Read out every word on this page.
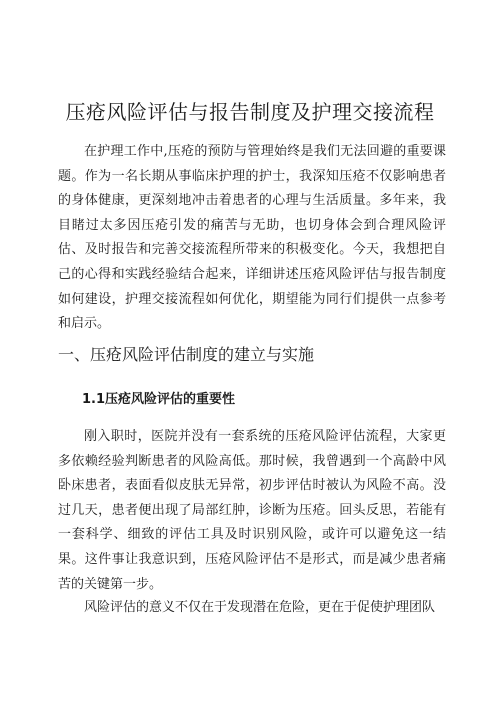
压疮风险评估与报告制度及护理交接流程

在护理工作中,压疮的预防与管理始终是我们无法回避的重要课题。作为一名长期从事临床护理的护士，我深知压疮不仅影响患者的身体健康，更深刻地冲击着患者的心理与生活质量。多年来，我目睹过太多因压疮引发的痛苦与无助，也切身体会到合理风险评估、及时报告和完善交接流程所带来的积极变化。今天，我想把自己的心得和实践经验结合起来，详细讲述压疮风险评估与报告制度如何建设，护理交接流程如何优化，期望能为同行们提供一点参考和启示。

一、压疮风险评估制度的建立与实施
1.1压疮风险评估的重要性

刚入职时，医院并没有一套系统的压疮风险评估流程，大家更多依赖经验判断患者的风险高低。那时候，我曾遇到一个高龄中风卧床患者，表面看似皮肤无异常，初步评估时被认为风险不高。没过几天，患者便出现了局部红肿，诊断为压疮。回头反思，若能有一套科学、细致的评估工具及时识别风险，或许可以避免这一结果。这件事让我意识到，压疮风险评估不是形式，而是减少患者痛苦的关键第一步。

风险评估的意义不仅在于发现潜在危险，更在于促使护理团队
